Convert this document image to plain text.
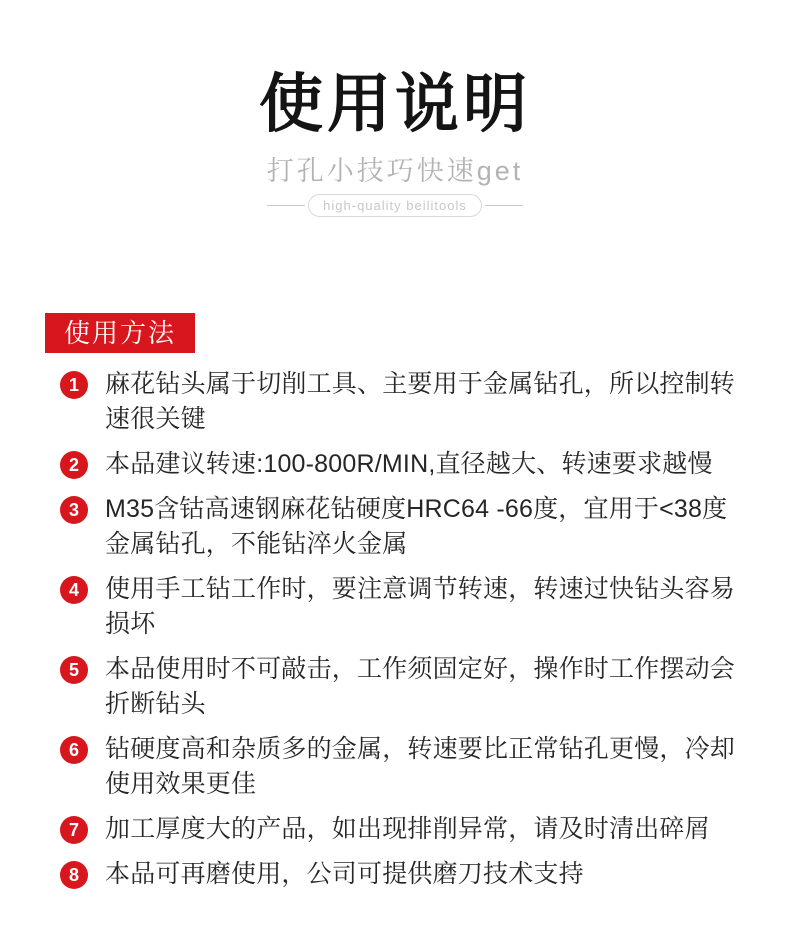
使用说明
打孔小技巧快速get
high-quality beilitools
使用方法
1	麻花钻头属于切削工具、主要用于金属钻孔，所以控制转速很关键
2	本品建议转速:100-800R/MIN,直径越大、转速要求越慢
3	M35含钴高速钢麻花钻硬度HRC64 -66度，宜用于<38度金属钻孔，不能钻淬火金属
4	使用手工钻工作时，要注意调节转速，转速过快钻头容易损坏
5	本品使用时不可敲击，工作须固定好，操作时工作摆动会折断钻头
6	钻硬度高和杂质多的金属，转速要比正常钻孔更慢，冷却使用效果更佳
7	加工厚度大的产品，如出现排削异常，请及时清出碎屑
8	本品可再磨使用，公司可提供磨刀技术支持
